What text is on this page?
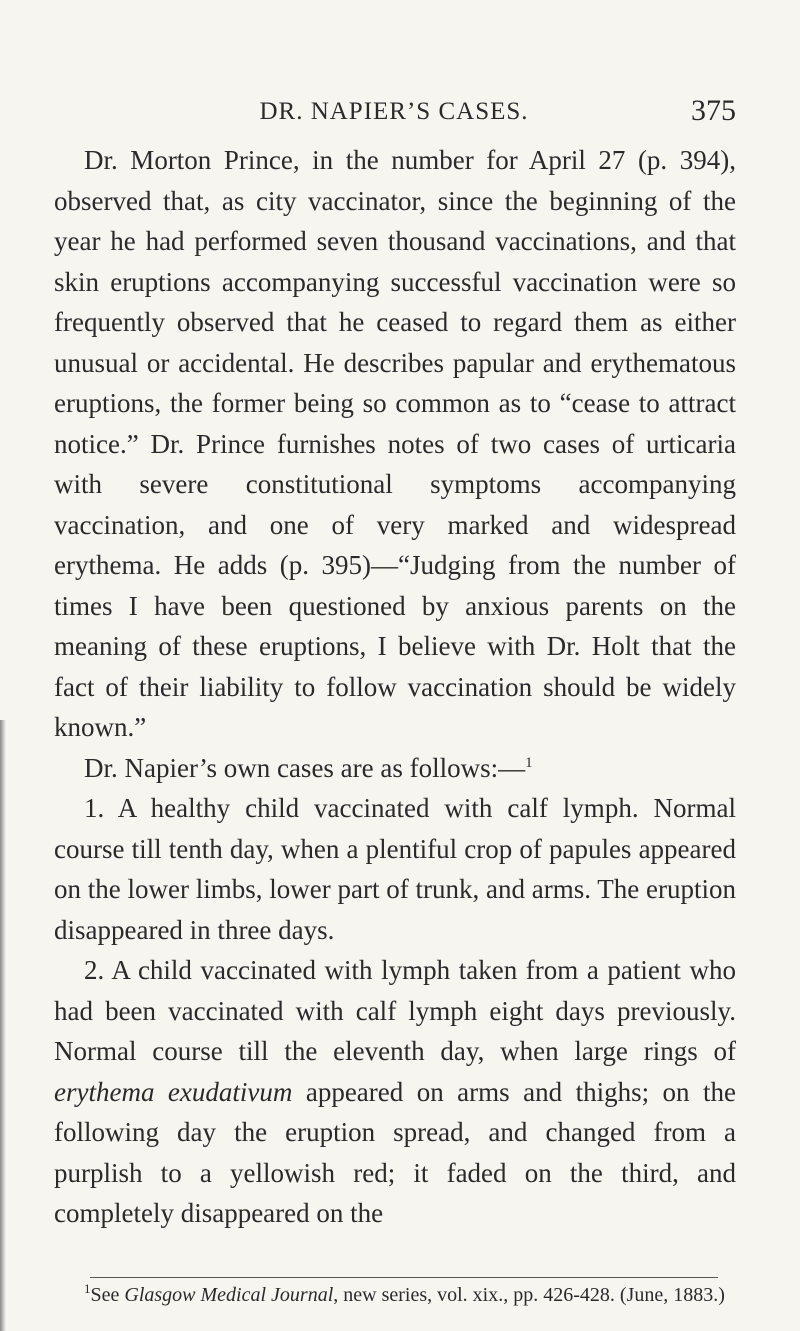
DR. NAPIER’S CASES.	375

Dr. Morton Prince, in the number for April 27 (p. 394), observed that, as city vaccinator, since the beginning of the year he had performed seven thousand vaccinations, and that skin eruptions accompanying successful vaccination were so frequently observed that he ceased to regard them as either unusual or accidental. He describes papular and erythematous eruptions, the former being so common as to “cease to attract notice.” Dr. Prince furnishes notes of two cases of urticaria with severe constitutional symptoms accompanying vaccination, and one of very marked and widespread erythema. He adds (p. 395)—“Judging from the number of times I have been questioned by anxious parents on the meaning of these eruptions, I believe with Dr. Holt that the fact of their liability to follow vaccination should be widely known.”

Dr. Napier’s own cases are as follows:—$^1$

1. A healthy child vaccinated with calf lymph. Normal course till tenth day, when a plentiful crop of papules appeared on the lower limbs, lower part of trunk, and arms. The eruption disappeared in three days.

2. A child vaccinated with lymph taken from a patient who had been vaccinated with calf lymph eight days previously. Normal course till the eleventh day, when large rings of erythema exudativum appeared on arms and thighs; on the following day the eruption spread, and changed from a purplish to a yellowish red; it faded on the third, and completely disappeared on the

$^1$See Glasgow Medical Journal, new series, vol. xix., pp. 426-428. (June, 1883.)
